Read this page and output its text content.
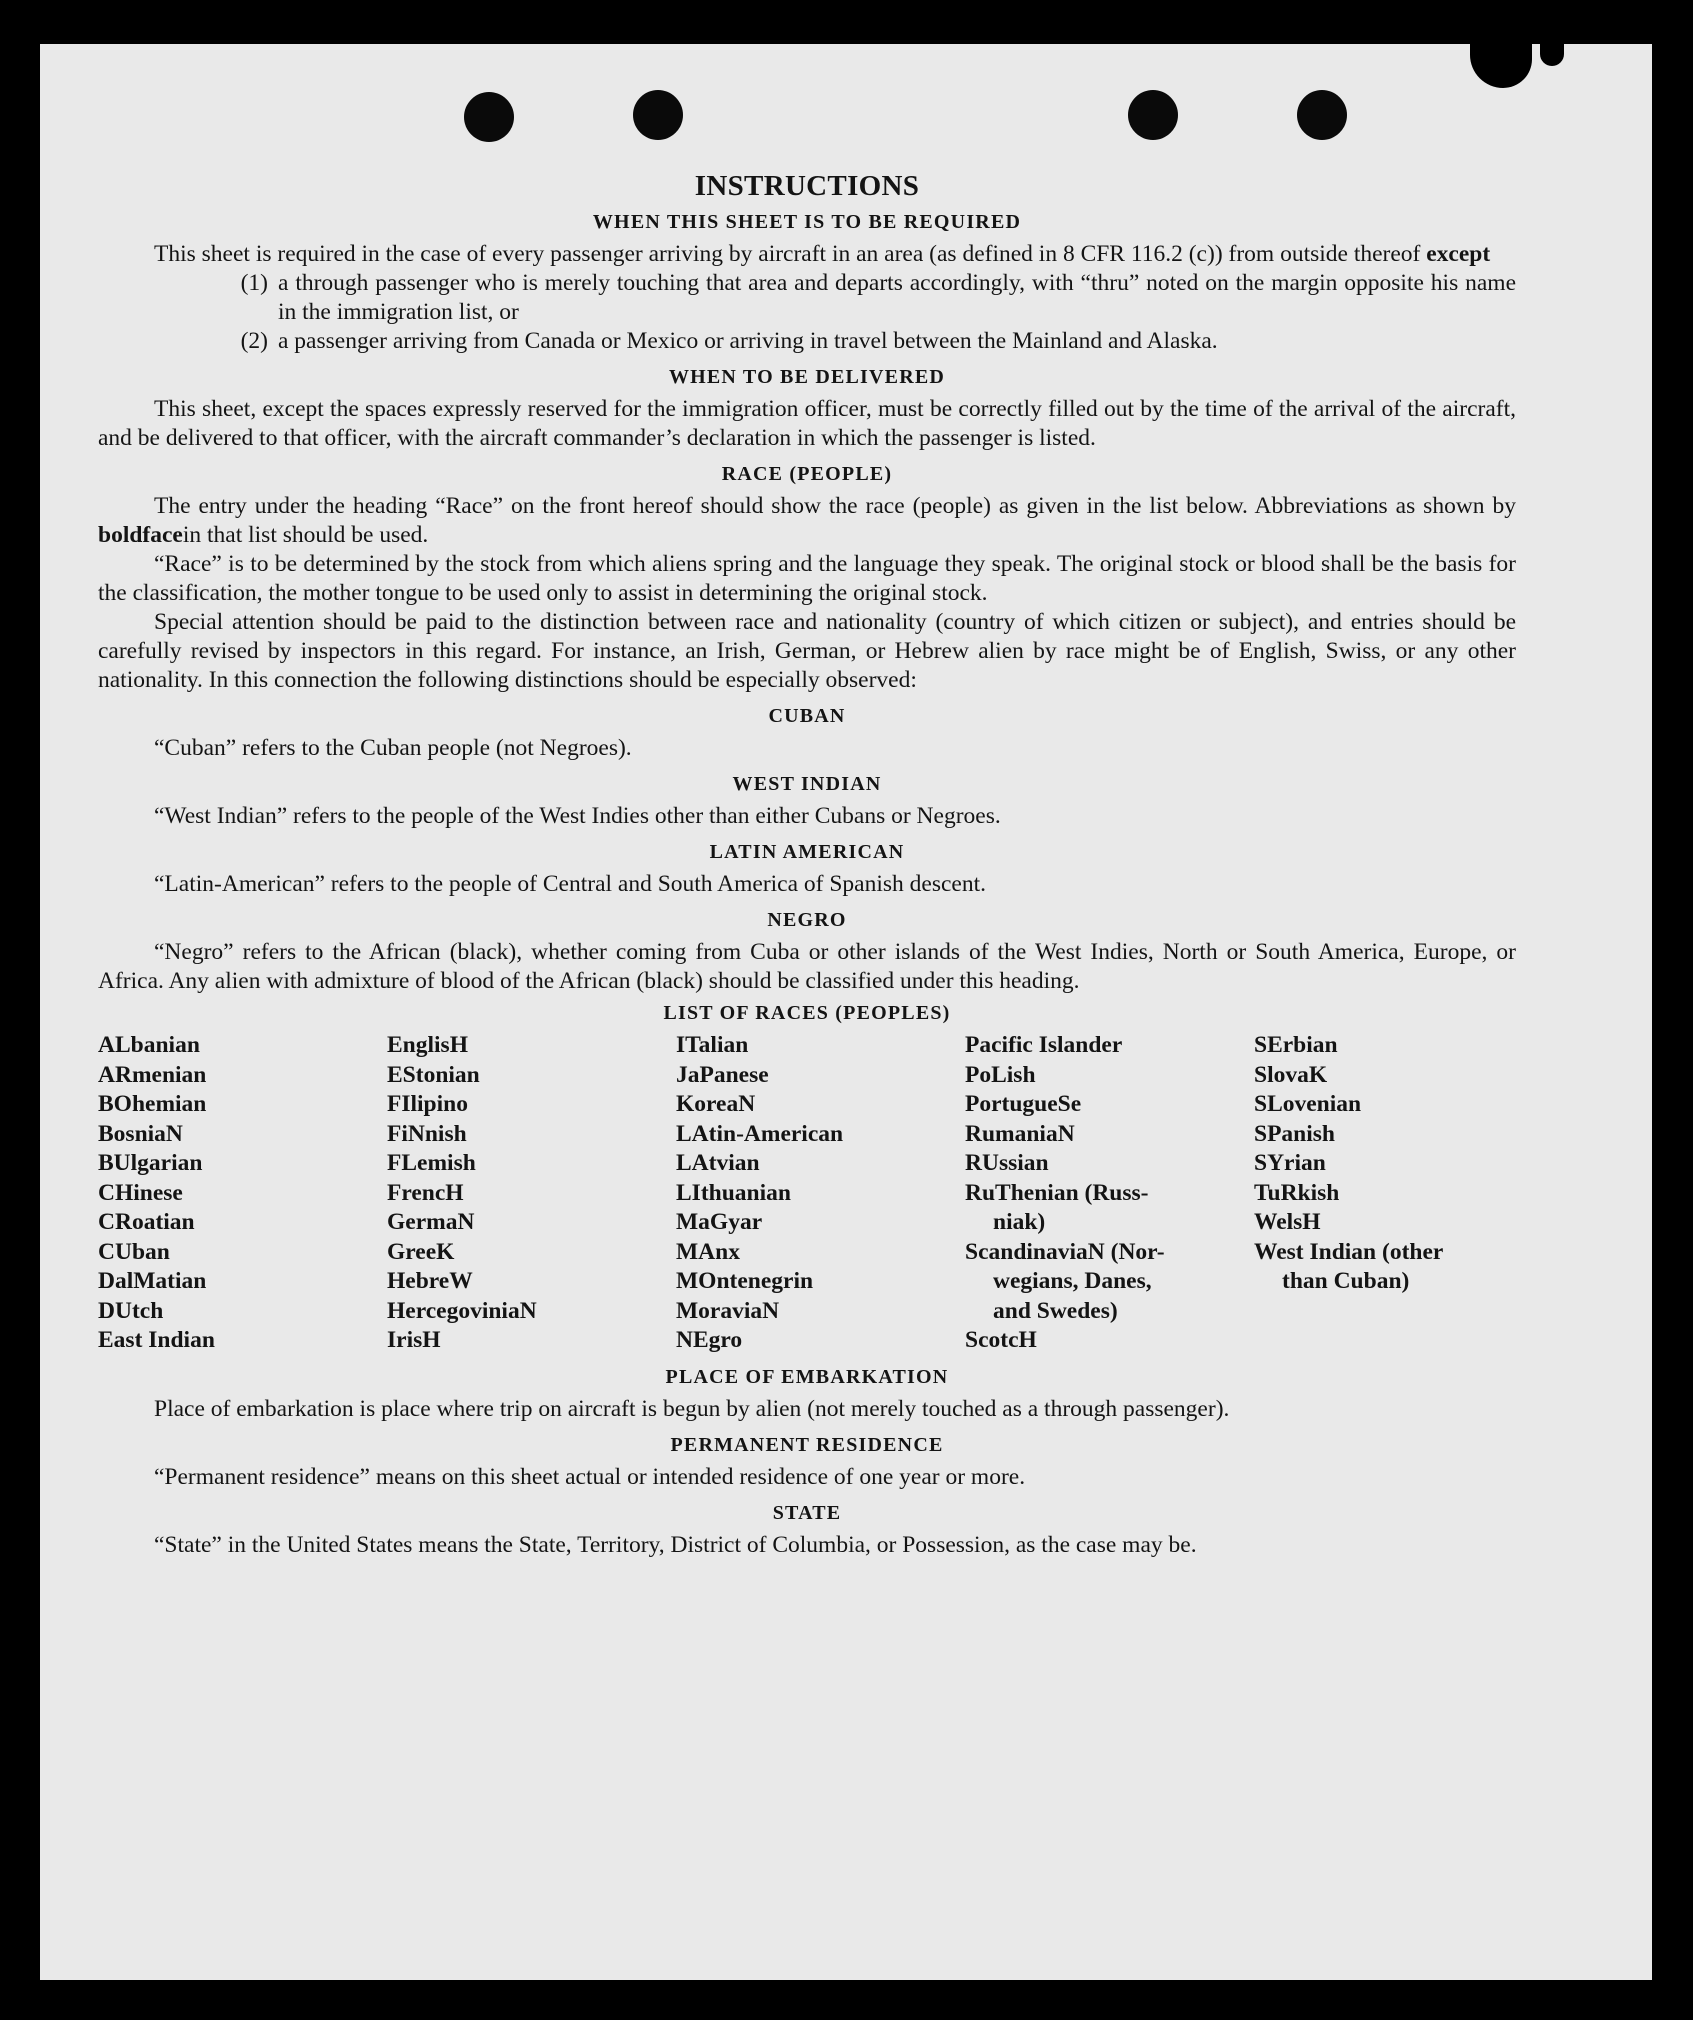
INSTRUCTIONS
WHEN THIS SHEET IS TO BE REQUIRED

This sheet is required in the case of every passenger arriving by aircraft in an area (as defined in 8 CFR 116.2 (c)) from outside thereof except

(1) a through passenger who is merely touching that area and departs accordingly, with “thru” noted on the margin opposite his name in the immigration list, or
(2) a passenger arriving from Canada or Mexico or arriving in travel between the Mainland and Alaska.
WHEN TO BE DELIVERED

This sheet, except the spaces expressly reserved for the immigration officer, must be correctly filled out by the time of the arrival of the aircraft, and be delivered to that officer, with the aircraft commander’s declaration in which the passenger is listed.

RACE (PEOPLE)

The entry under the heading “Race” on the front hereof should show the race (people) as given in the list below. Abbreviations as shown by boldfacein that list should be used.

“Race” is to be determined by the stock from which aliens spring and the language they speak. The original stock or blood shall be the basis for the classification, the mother tongue to be used only to assist in determining the original stock.

Special attention should be paid to the distinction between race and nationality (country of which citizen or subject), and entries should be carefully revised by inspectors in this regard. For instance, an Irish, German, or Hebrew alien by race might be of English, Swiss, or any other nationality. In this connection the following distinctions should be especially observed:

CUBAN
“Cuban” refers to the Cuban people (not Negroes).
WEST INDIAN
“West Indian” refers to the people of the West Indies other than either Cubans or Negroes.
LATIN AMERICAN
“Latin-American” refers to the people of Central and South America of Spanish descent.
NEGRO

“Negro” refers to the African (black), whether coming from Cuba or other islands of the West Indies, North or South America, Europe, or Africa. Any alien with admixture of blood of the African (black) should be classified under this heading.

LIST OF RACES (PEOPLES)
ALbanian
ARmenian
BOhemian
BosniaN
BUlgarian
CHinese
CRoatian
CUban
DalMatian
DUtch
East Indian
EnglisH
EStonian
FIlipino
FiNnish
FLemish
FrencH
GermaN
GreeK
HebreW
HercegoviniaN
IrisH
ITalian
JaPanese
KoreaN
LAtin-American
LAtvian
LIthuanian
MaGyar
MAnx
MOntenegrin
MoraviaN
NEgro
Pacific Islander
PoLish
PortugueSe
RumaniaN
RUssian
RuThenian (Russ-
niak)
ScandinaviaN (Nor-
wegians, Danes,
and Swedes)
ScotcH
SErbian
SlovaK
SLovenian
SPanish
SYrian
TuRkish
WelsH
West Indian (other
than Cuban)
PLACE OF EMBARKATION

Place of embarkation is place where trip on aircraft is begun by alien (not merely touched as a through passenger).

PERMANENT RESIDENCE
“Permanent residence” means on this sheet actual or intended residence of one year or more.
STATE

“State” in the United States means the State, Territory, District of Columbia, or Possession, as the case may be.
